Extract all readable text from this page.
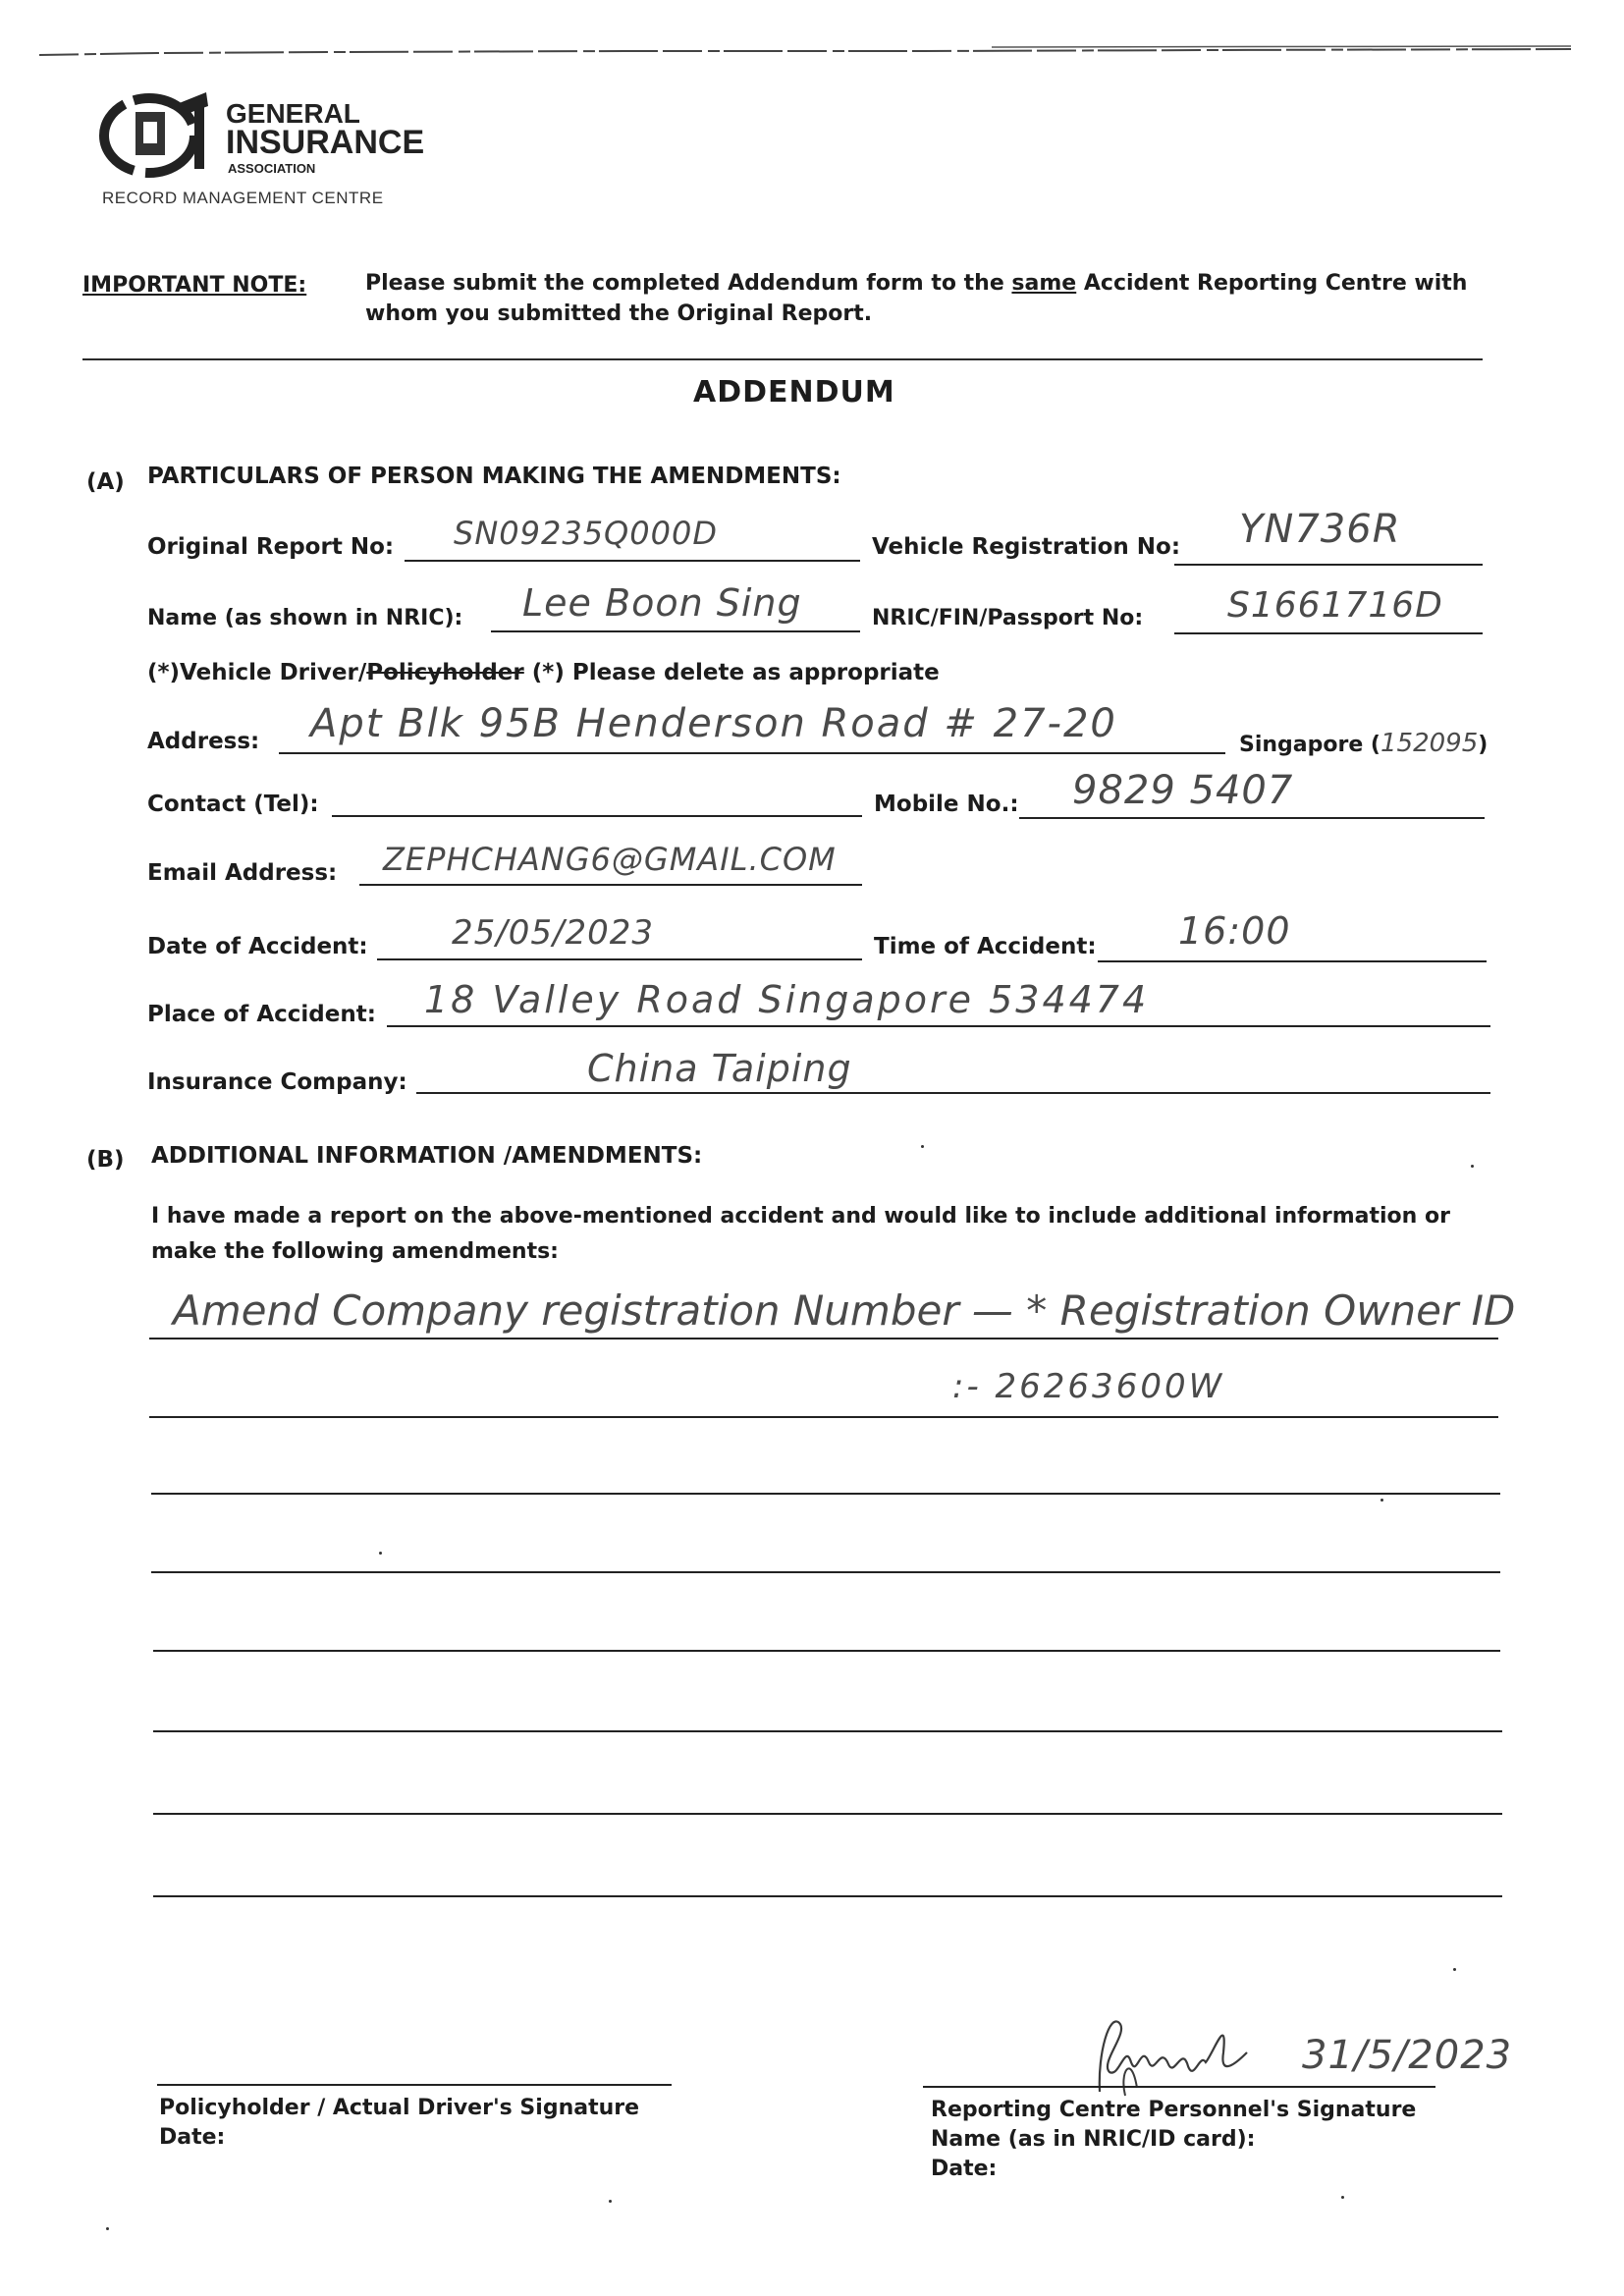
GENERAL
INSURANCE
ASSOCIATION
RECORD MANAGEMENT CENTRE
IMPORTANT NOTE:	Please submit the completed Addendum form to the same Accident Reporting Centre with
whom you submitted the Original Report.
ADDENDUM
(A) PARTICULARS OF PERSON MAKING THE AMENDMENTS:
Original Report No: SN09235Q000D	Vehicle Registration No: YN736R
Name (as shown in NRIC): Lee Boon Sing	NRIC/FIN/Passport No: S1661716D
(*)Vehicle Driver/Policyholder (*) Please delete as appropriate
Address: Apt Blk 95B Henderson Road # 27-20	Singapore (152095)
Contact (Tel):	Mobile No.: 9829 5407
Email Address: ZEPHCHANG6@GMAIL.COM
Date of Accident:	25/05/2023	Time of Accident: 16:00
Place of Accident: 18 Valley Road Singapore 534474
Insurance Company:	China Taiping
(B) ADDITIONAL INFORMATION /AMENDMENTS:
I have made a report on the above-mentioned accident and would like to include additional information or
make the following amendments:
Amend Company registration Number — * Registration Owner ID
:- 26263600W
Policyholder / Actual Driver's Signature
Date:
31/5/2023
Reporting Centre Personnel's Signature
Name (as in NRIC/ID card):
Date:
